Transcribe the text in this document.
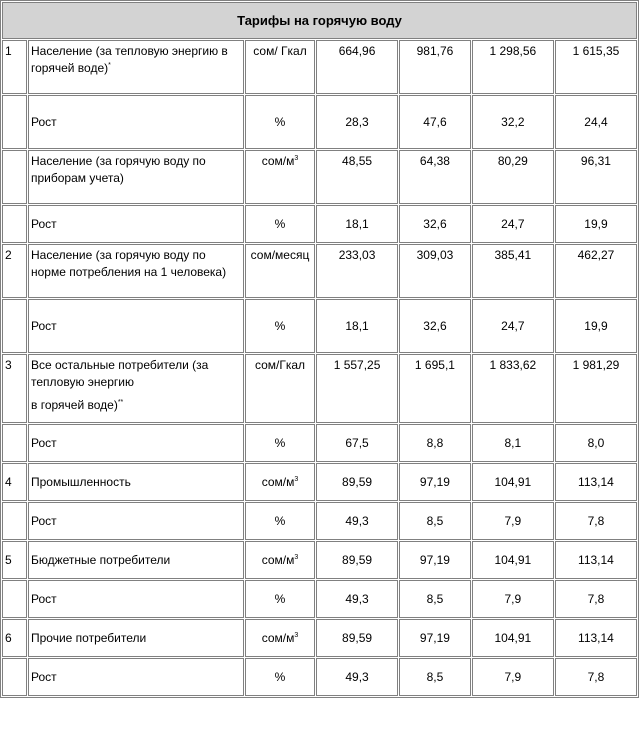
Тарифы на горячую воду						
1	Население (за тепловую энергию в горячей воде)*	сом/ Гкал	664,96	981,76	1 298,56	1 615,35
	Рост	%	28,3	47,6	32,2	24,4
	Население (за горячую воду по приборам учета)	сом/$м^3$	48,55	64,38	80,29	96,31
	Рост	%	18,1	32,6	24,7	19,9
2	Население (за горячую воду по норме потребления на 1 человека)	сом/месяц	233,03	309,03	385,41	462,27
	Рост	%	18,1	32,6	24,7	19,9
3	Все остальные потребители (за тепловую энергию
в горячей воде)**	сом/Гкал	1 557,25	1 695,1	1 833,62	1 981,29
	Рост	%	67,5	8,8	8,1	8,0
4	Промышленность	сом/$м^3$	89,59	97,19	104,91	113,14
	Рост	%	49,3	8,5	7,9	7,8
5	Бюджетные потребители	сом/$м^3$	89,59	97,19	104,91	113,14
	Рост	%	49,3	8,5	7,9	7,8
6	Прочие потребители	сом/$м^3$	89,59	97,19	104,91	113,14
	Рост	%	49,3	8,5	7,9	7,8
